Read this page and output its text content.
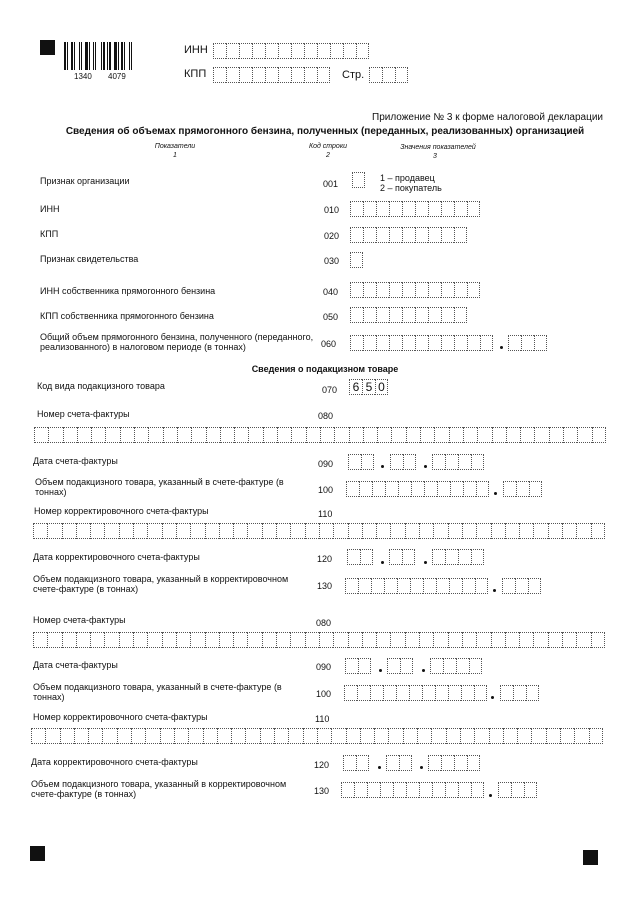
1340 4079
ИНН
КПП	Стр.
Приложение № 3 к форме налоговой декларации
Сведения об объемах прямогонного бензина, полученных (переданных, реализованных) организацией
Показатели	Код строки	Значения показателей
1	2	3
Признак организации	001
1 – продавец
2 – покупатель
ИНН	010
КПП	020
Признак свидетельства	030
ИНН собственника прямогонного бензина	040
КПП собственника прямогонного бензина	050
Общий объем прямогонного бензина, полученного (переданного, реализованного) в налоговом периоде (в тоннах)	060
Сведения о подакцизном товаре
Код вида подакцизного товара	070	6 5 0
Номер счета-фактуры	080
Дата счета-фактуры	090
Объем подакцизного товара, указанный в счете-фактуре (в тоннах)	100
Номер корректировочного счета-фактуры	110
Дата корректировочного счета-фактуры	120
Объем подакцизного товара, указанный в корректировочном счете-фактуре (в тоннах)	130
Номер счета-фактуры	080
Дата счета-фактуры	090
Объем подакцизного товара, указанный в счете-фактуре (в тоннах)	100
Номер корректировочного счета-фактуры	110
Дата корректировочного счета-фактуры	120
Объем подакцизного товара, указанный в корректировочном счете-фактуре (в тоннах)	130
